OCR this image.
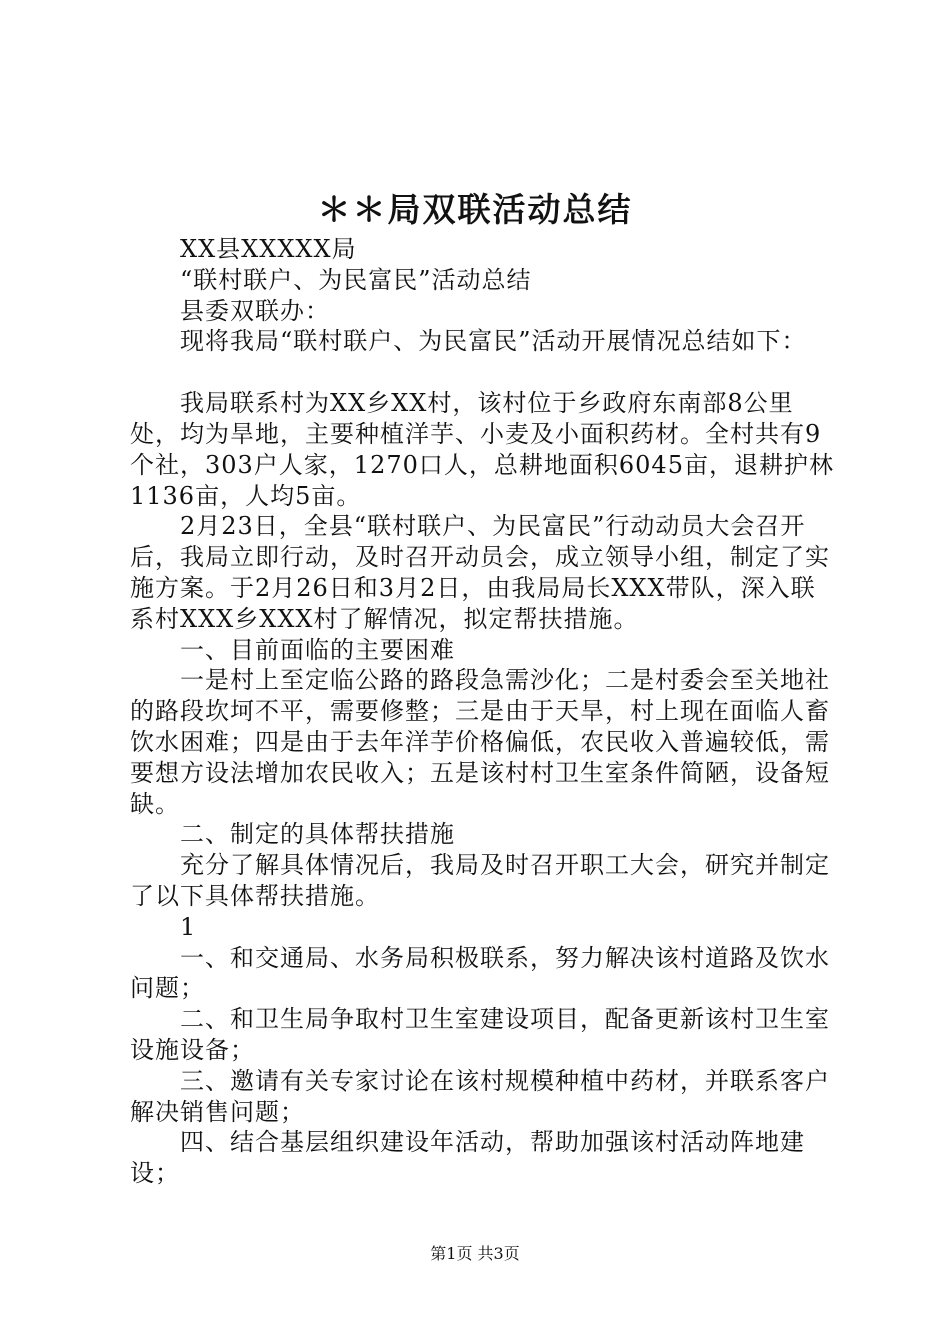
＊＊局双联活动总结

XX县XXXXX局

“联村联户、为民富民”活动总结

县委双联办：

现将我局“联村联户、为民富民”活动开展情况总结如下：

我局联系村为XX乡XX村，该村位于乡政府东南部8公里处，均为旱地，主要种植洋芋、小麦及小面积药材。全村共有9个社，303户人家，1270口人，总耕地面积6045亩，退耕护林1136亩，人均5亩。

2月23日，全县“联村联户、为民富民”行动动员大会召开后，我局立即行动，及时召开动员会，成立领导小组，制定了实施方案。于2月26日和3月2日，由我局局长XXX带队，深入联系村XXX乡XXX村了解情况，拟定帮扶措施。

一、目前面临的主要困难

一是村上至定临公路的路段急需沙化；二是村委会至关地社的路段坎坷不平，需要修整；三是由于天旱，村上现在面临人畜饮水困难；四是由于去年洋芋价格偏低，农民收入普遍较低，需要想方设法增加农民收入；五是该村村卫生室条件简陋，设备短缺。

二、制定的具体帮扶措施

充分了解具体情况后，我局及时召开职工大会，研究并制定了以下具体帮扶措施。

1

一、和交通局、水务局积极联系，努力解决该村道路及饮水问题；

二、和卫生局争取村卫生室建设项目，配备更新该村卫生室设施设备；

三、邀请有关专家讨论在该村规模种植中药材，并联系客户解决销售问题；

四、结合基层组织建设年活动，帮助加强该村活动阵地建设；

第1页 共3页
